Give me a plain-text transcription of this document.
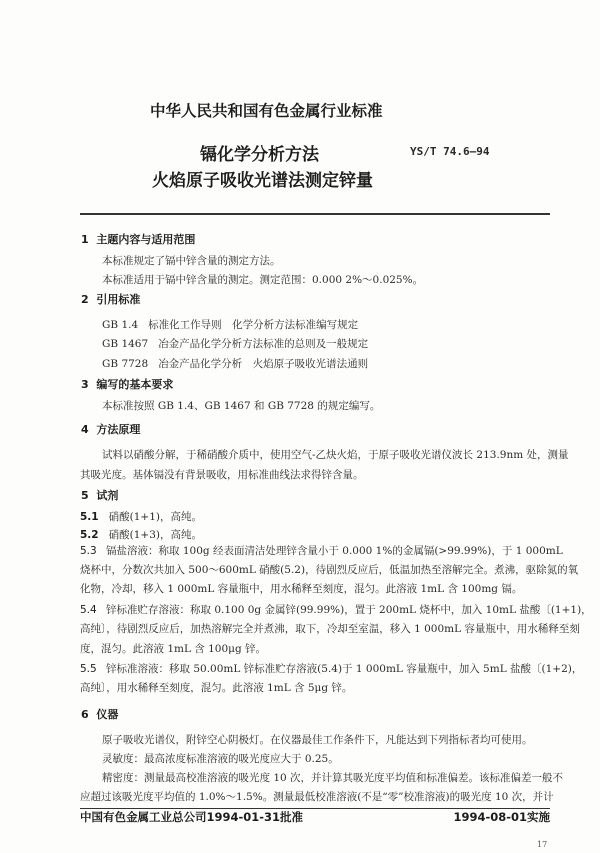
中华人民共和国有色金属行业标准
镉化学分析方法
火焰原子吸收光谱法测定锌量
YS/T 74.6—94
1 主题内容与适用范围
本标准规定了镉中锌含量的测定方法。
本标准适用于镉中锌含量的测定。测定范围：0.000 2%～0.025%。
2 引用标准
GB 1.4 标准化工作导则　化学分析方法标准编写规定
GB 1467 冶金产品化学分析方法标准的总则及一般规定
GB 7728 冶金产品化学分析　火焰原子吸收光谱法通则
3 编写的基本要求
本标准按照 GB 1.4、GB 1467 和 GB 7728 的规定编写。
4 方法原理
试料以硝酸分解，于稀硝酸介质中，使用空气-乙炔火焰，于原子吸收光谱仪波长 213.9nm 处，测量
其吸光度。基体镉没有背景吸收，用标准曲线法求得锌含量。
5 试剂
5.1 硝酸(1+1)，高纯。
5.2 硝酸(1+3)，高纯。
5.3 镉盐溶液：称取 100g 经表面清洁处理锌含量小于 0.000 1%的金属镉(>99.99%)，于 1 000mL
烧杯中，分数次共加入 500～600mL 硝酸(5.2)，待剧烈反应后，低温加热至溶解完全。煮沸，驱除氮的氧
化物，冷却，移入 1 000mL 容量瓶中，用水稀释至刻度，混匀。此溶液 1mL 含 100mg 镉。
5.4 锌标准贮存溶液：称取 0.100 0g 金属锌(99.99%)，置于 200mL 烧杯中，加入 10mL 盐酸〔(1+1)，
高纯〕，待剧烈反应后，加热溶解完全并煮沸，取下，冷却至室温，移入 1 000mL 容量瓶中，用水稀释至刻
度，混匀。此溶液 1mL 含 100μg 锌。
5.5 锌标准溶液：移取 50.00mL 锌标准贮存溶液(5.4)于 1 000mL 容量瓶中，加入 5mL 盐酸〔(1+2)，
高纯〕，用水稀释至刻度，混匀。此溶液 1mL 含 5μg 锌。
6 仪器
原子吸收光谱仪，附锌空心阴极灯。在仪器最佳工作条件下，凡能达到下列指标者均可使用。
灵敏度：最高浓度标准溶液的吸光度应大于 0.25。
精密度：测量最高校准溶液的吸光度 10 次，并计算其吸光度平均值和标准偏差。该标准偏差一般不
应超过该吸光度平均值的 1.0%～1.5%。测量最低校准溶液(不是“零”校准溶液)的吸光度 10 次，并计
中国有色金属工业总公司1994-01-31批准	1994-08-01实施
17
